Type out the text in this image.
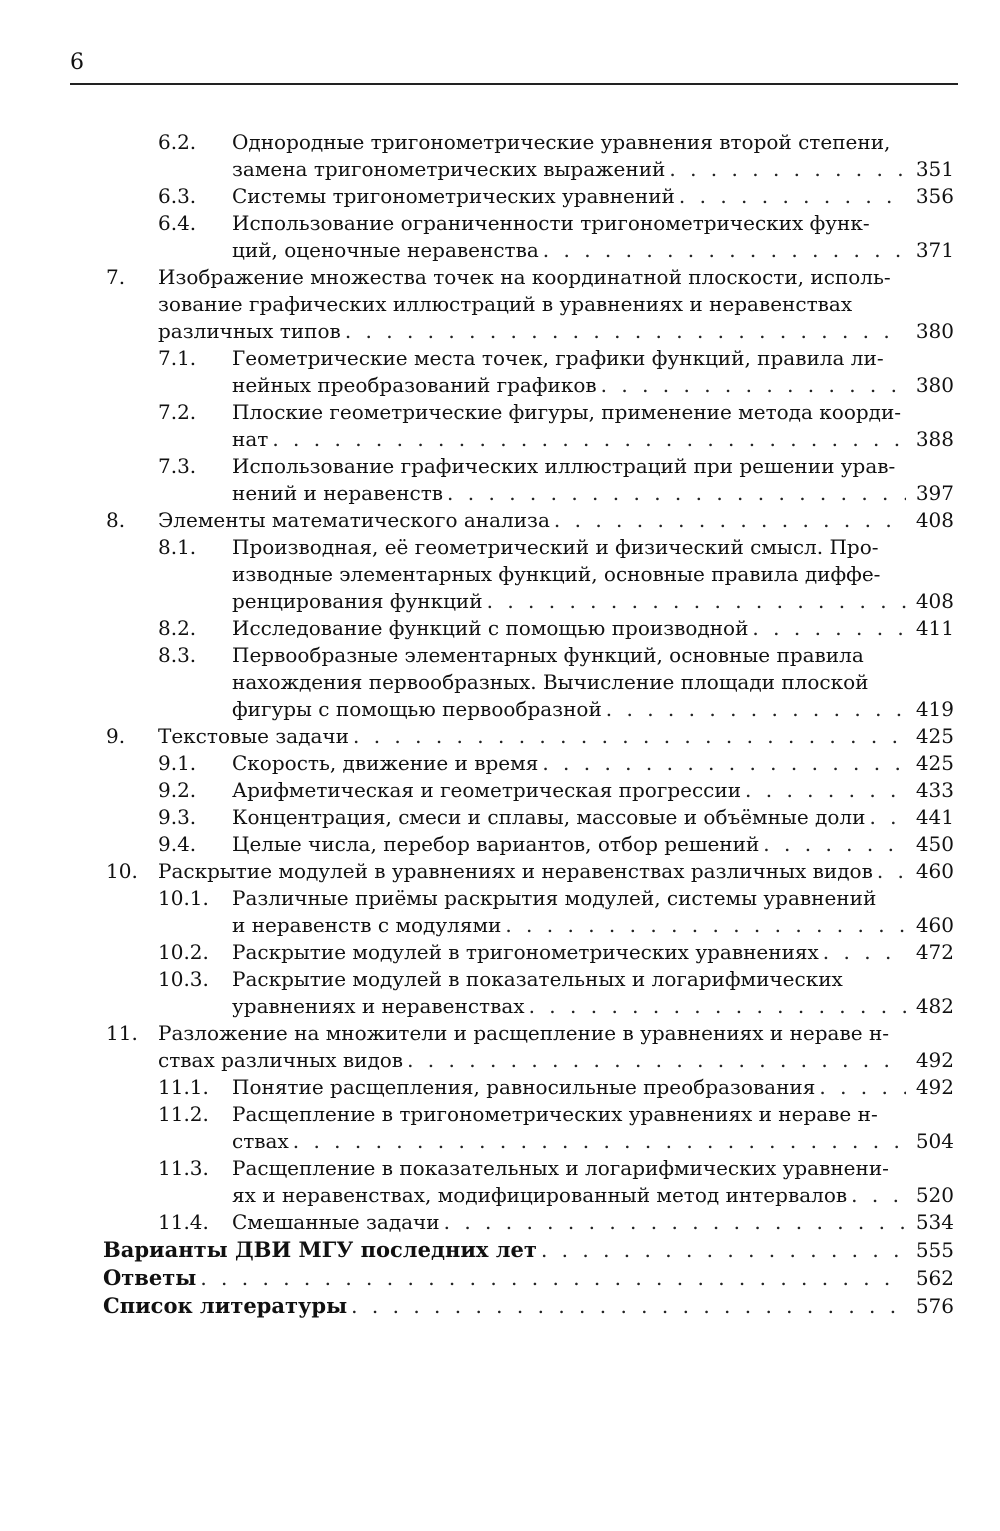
6
6.2. Однородные тригонометрические уравнения второй степени,
замена тригонометрических выражений . . .	351
6.3. Системы тригонометрических уравнений . . .	356
6.4. Использование ограниченности тригонометрических функ-
ций, оценочные неравенства . . .	371
7. Изображение множества точек на координатной плоскости, исполь-
зование графических иллюстраций в уравнениях и неравенствах
различных типов . . .	380
7.1. Геометрические места точек, графики функций, правила ли-
нейных преобразований графиков . . .	380
7.2. Плоские геометрические фигуры, применение метода коорди-
нат . . .	388
7.3. Использование графических иллюстраций при решении урав-
нений и неравенств . . .	397
8. Элементы математического анализа . . .	408
8.1. Производная, её геометрический и физический смысл. Про-
изводные элементарных функций, основные правила диффе-
ренцирования функций . . .	408
8.2. Исследование функций с помощью производной . . .	411
8.3. Первообразные элементарных функций, основные правила
нахождения первообразных. Вычисление площади плоской
фигуры с помощью первообразной . . .	419
9. Текстовые задачи . . .	425
9.1. Скорость, движение и время . . .	425
9.2. Арифметическая и геометрическая прогрессии . . .	433
9.3. Концентрация, смеси и сплавы, массовые и объёмные доли . . .	441
9.4. Целые числа, перебор вариантов, отбор решений . . .	450
10. Раскрытие модулей в уравнениях и неравенствах различных видов . . .	460
10.1. Различные приёмы раскрытия модулей, системы уравнений
и неравенств с модулями . . .	460
10.2. Раскрытие модулей в тригонометрических уравнениях . . .	472
10.3. Раскрытие модулей в показательных и логарифмических
уравнениях и неравенствах . . .	482
11. Разложение на множители и расщепление в уравнениях и нераве н-
ствах различных видов . . .	492
11.1. Понятие расщепления, равносильные преобразования . . .	492
11.2. Расщепление в тригонометрических уравнениях и нераве н-
ствах . . .	504
11.3. Расщепление в показательных и логарифмических уравнени-
ях и неравенствах, модифицированный метод интервалов . . .	520
11.4. Смешанные задачи . . .	534
Варианты ДВИ МГУ последних лет . . .	555
Ответы . . .	562
Список литературы . . .	576
